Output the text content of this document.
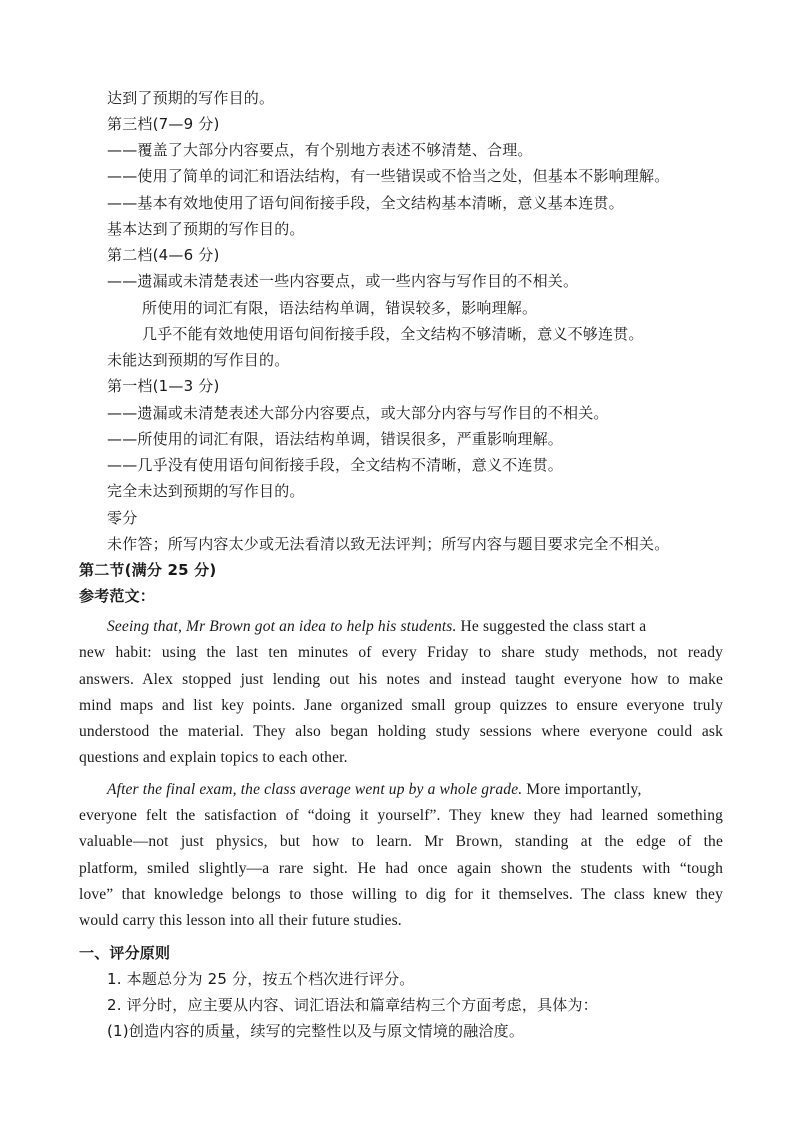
达到了预期的写作目的。
第三档(7—9 分)
——覆盖了大部分内容要点，有个别地方表述不够清楚、合理。
——使用了简单的词汇和语法结构，有一些错误或不恰当之处，但基本不影响理解。
——基本有效地使用了语句间衔接手段，全文结构基本清晰，意义基本连贯。
基本达到了预期的写作目的。
第二档(4—6 分)
——遗漏或未清楚表述一些内容要点，或一些内容与写作目的不相关。
所使用的词汇有限，语法结构单调，错误较多，影响理解。
几乎不能有效地使用语句间衔接手段，全文结构不够清晰，意义不够连贯。
未能达到预期的写作目的。
第一档(1—3 分)
——遗漏或未清楚表述大部分内容要点，或大部分内容与写作目的不相关。
——所使用的词汇有限，语法结构单调，错误很多，严重影响理解。
——几乎没有使用语句间衔接手段，全文结构不清晰，意义不连贯。
完全未达到预期的写作目的。
零分
未作答；所写内容太少或无法看清以致无法评判；所写内容与题目要求完全不相关。
第二节(满分 25 分)
参考范文：
Seeing that, Mr Brown got an idea to help his students. He suggested the class start a
new habit: using the last ten minutes of every Friday to share study methods, not ready
answers. Alex stopped just lending out his notes and instead taught everyone how to make
mind maps and list key points. Jane organized small group quizzes to ensure everyone truly
understood the material. They also began holding study sessions where everyone could ask
questions and explain topics to each other.
After the final exam, the class average went up by a whole grade. More importantly,
everyone felt the satisfaction of “doing it yourself”. They knew they had learned something
valuable—not just physics, but how to learn. Mr Brown, standing at the edge of the
platform, smiled slightly—a rare sight. He had once again shown the students with “tough
love” that knowledge belongs to those willing to dig for it themselves. The class knew they
would carry this lesson into all their future studies.
一、评分原则
1. 本题总分为 25 分，按五个档次进行评分。
2. 评分时，应主要从内容、词汇语法和篇章结构三个方面考虑，具体为：
(1)创造内容的质量，续写的完整性以及与原文情境的融洽度。
